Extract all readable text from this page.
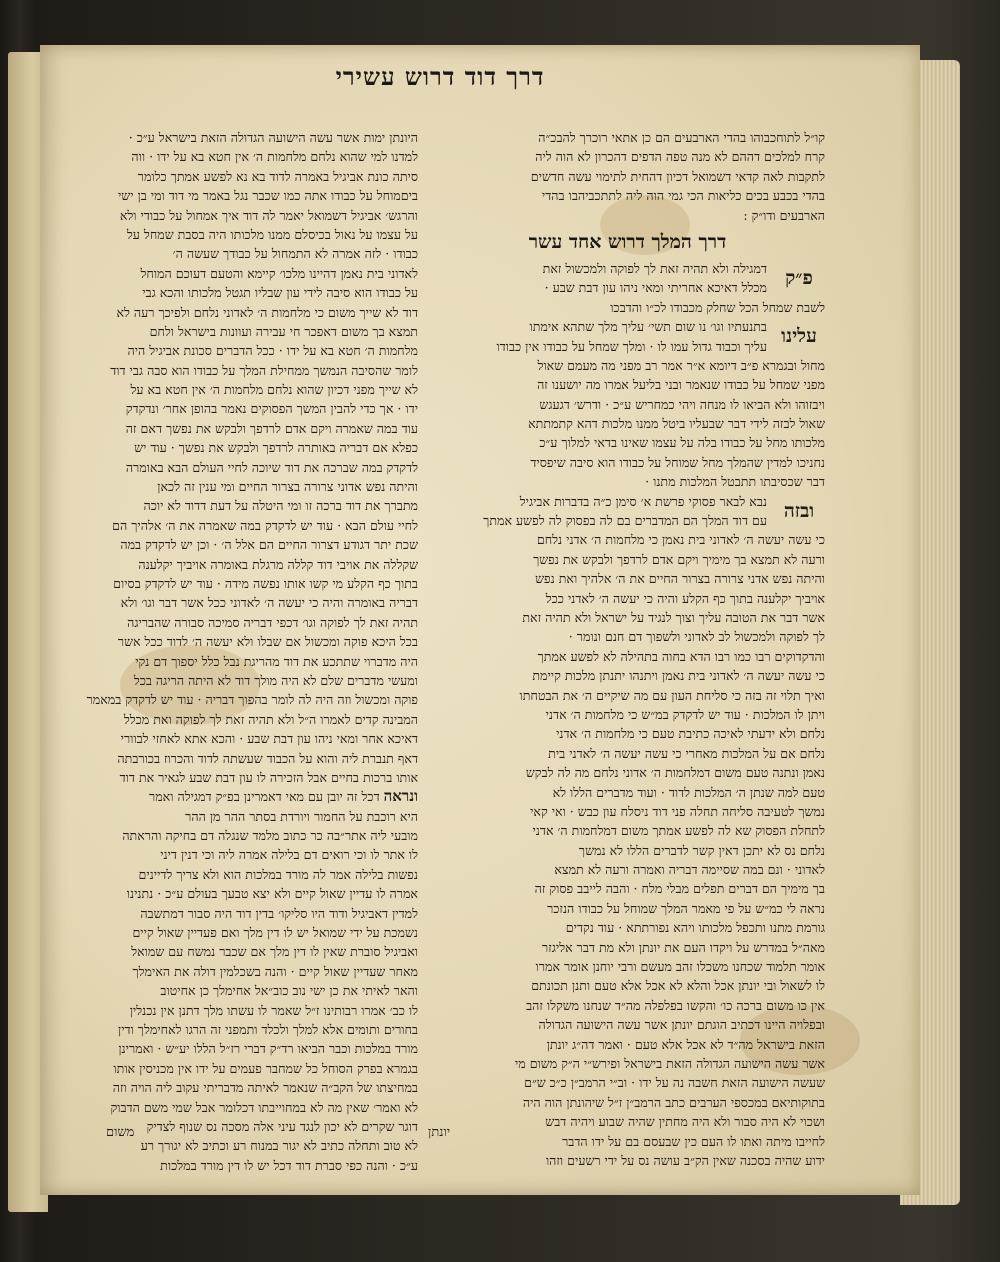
דרך דוד דרוש עשירי
קו״ל לתוחכבוהו בהדי הארבעים הם כן אתאי רוכרך להבכ״ה
קרח למלכים דההם לא מנה טפה הדפים דהכרון לא הוה ליה
לתקבות לאה קדאי דשמואל דכיון דהחית לתימוי עשה חדשים
בהדי בכבע בכים כליאות הכי גמי הוה ליה לתתכביהבו בהדי
הארבעים ודו״ק :
דרך המלך דרוש אחד עשר
פ״ק
דמגילה ולא תהיה זאת לך לפוקה ולמכשול זאת
מכלל דאיכא אחריתי ומאי ניהו עון דבת שבע ·
לשבת שמחל הכל שחלק מכבודו לכ״ו והדבכו
עלינו
בתנעתיו וגו׳ נו שום תשי׳ עליך מלך שתהא אימתו
עליך וכבוד גדול עמו לו · ומלך שמחל על כבודו אין כבודו
מחול ובגמרא פ״ב דיומא א״ר אמר רב מפני מה מעמם שאול
מפני שמחל על כבודו שנאמר ובני בליעל אמרו מה יושענו זה
ויבזוהו ולא הביאו לו מנחה ויהי כמחריש ע״כ · ודרש׳ דגעגש
שאול לבזה לידי דבר שבעליו ביטל ממנו מלכות דהא קתמתתא
מלכותו מחל על כבודו בלה על עצמו שאינו בדאי למלוך ע״כ
נחניכו למדין שהמלך מחל שמוחל על כבודו הוא סיבה שיפסיד
דבר שכסיבתו תתבטל המלכות מתנו ·
ובזה
נבא לבאר פסוקי פרשת א׳ סימן כ״ה בדברות אביגיל
עם דוד המלך הם המדברים בם לה בפסוק לה לפשע אמתך
כי עשה יעשה ה׳ לאדוני בית נאמן כי מלחמות ה׳ אדני נלחם
ורעה לא תמצא בך מימיך ויקם אדם לרדפך ולבקש את נפשך
והיתה נפש אדני צרורה בצרור החיים את ה׳ אלהיך ואת נפש
אויביך יקלענה בתוך כף הקלע והיה כי יעשה ה׳ לאדני ככל
אשר דבר את הטובה עליך וצוך לנגיד על ישראל ולא תהיה זאת
לך לפוקה ולמכשול לב לאדוני ולשפוך דם חנם ונומר ·
והדקדוקים רבו כמו רבו הדא בחוה בתהילה לא לפשע אמתך
כי עשה יעשה ה׳ לאדוני בית נאמן ויתנהו יתנתן מלכות קיימת
ואיך תלוי זה בזה כי סליחת העון עם מה שיקיים ה׳ את הבטחתו
ויתן לו המלכות · עוד יש לדקדק במ״ש כי מלחמות ה׳ אדני
נלחם ולא ידעתי לאיכה כתיבת טעם כי מלחמות ה׳ אדני
נלחם אם על המלכות מאחרי כי עשה יעשה ה׳ לאדני בית
נאמן ונתנה טעם משום דמלחמות ה׳ אדוני נלחם מה לה לבקש
טעם למה שנתן ה׳ המלכות לדוד · ועוד מדברים הללו לא
נמשך לטעיבה סליחה תחלה פני דוד ניסלח עון כבש · ואי קאי
לתחלת הפסוק שא לה לפשע אמתך משום דמלחמות ה׳ אדני
נלחם נס לא יתכן דאין קשר לדברים הללו לא נמשך
לאדוני · ונם במה שסיימה דבריה ואמרה ורעה לא תמצא
בך מימיך הם דברים תפלים מבלי מלח · והבה לייבב פסוק זה
נראה לי כמ״ש על פי מאמר המלך שמוחל על כבודו הנזכר
גורמת מתנו ותכפל מלכותו ויהא נפורתתא · עוד נקדים
מאה״ל במדרש על ויקדו העם את יונתן ולא מת דבר אליגזר
אומר תלמוד שכחנו משכלו זהב מעשם ורבי יוחנן אומר אמרו
לו לשאול ובי יונתן אכל והלא לא אכל אלא טעם ותנן תכונתם
אין כו משום ברכה כו׳ והקשו בפלפלה מה״ד שנחנו משקלו זהב
ובפלויה היינו דכתיב הוגתם יונתן אשר עשה הישועה הגדולה
הזאת בישראל מה״ד לא אכל אלא טעם · ואמר דה״ג יונתן
אשר עשה הישועה הגדולה הזאת בישראל ופירש״י ה״ק משום מי
שעשה הישועה הזאת חשבה נה על ידו · וב״י הרמב״ן כ״כ ש״ם
בתוקותיאם במכספי הערבים כתב הרמב״ן ז״ל שיהונתן הוה היה
ושכוי לא היה סבור ולא היה מחתין שהיה שבוע ויהיה דבש
לחייבו מיתה ואתו לו העם כין שבעסם בם על ידו הדבר
ידוע שהיה בסכנה שאין הק״ב עושה נס על ידי רשעים וזהו
היונתן ימות אשר עשה הישועה הגדולה הזאת בישראל ע״כ ·
למדנו למי שהוא נלחם מלחמות ה׳ אין חטא בא על ידו · ווה
סיתה כונת אביגיל באמרה לדוד בא נא לפשע אמתך כלומר
ביםמוחל על כבודו אתה כמו שכבר נגל באמר מי דוד ומי בן ישי
והרגש׳ אביגיל דשמואל יאמר לה דוד איך אמחול על כבודי ולא
על עצמו על נאול בכיסלם ממנו מלכותו היה בסבת שמחל על
כבודו · לזה אמרה לא התמחול על כבודך שעשה ה׳
לאדוני בית נאמן דהיינו מלכו׳ קיימא והטעם דעוכם המוחל
על כבודו הוא סיבה לידי עון שבליו תגטל מלכותו והכא גבי
דוד לא שייך משום כי מלחמות ה׳ לאדוני נלחם ולפיכך רעה לא
תמצא בך משום דאפכר חי עבירה ועוונות בישראל ולחם
מלחמות ה׳ חטא בא על ידו · ככל הדברים סכונת אביגיל היה
לומר שהסיבה הנמשך ממחילת המלך על כבודו הוא סבה גבי דוד
לא שייך מפני דכיון שהוא נלחם מלחמות ה׳ אין חטא בא על
ידו · אך כדי להבין המשך הפסוקים נאמר בהופן אחר׳ ונדקדק
עוד במה שאמרה ויקם אדם לרדפך ולבקש את נפשך דאם זה
כפלא אם דבריה באותרה לרדפך ולבקש את נפשך · עוד יש
לדקדק במה שברכה את דוד שיוכה לחיי העולם הבא באומרה
והיתה נפש אדוני צרורה בצרור החיים ומי ענין זה לכאן
מתברך את דוד ברכה זו ומי היטלה על דעת דדוד לא יוכה
לחיי עולם הבא · עוד יש לדקדק במה שאמרה את ה׳ אלהיך הם
שכת יתר דגודע דצרור החיים הם אלל ה׳ · וכן יש לדקדק במה
שקללה את אויבי דוד קללה מרגלת באומרה אויביך יקלענה
בתוך כף הקלע מי קשו אותו נפשה מידה · עוד יש לדקדק בסיום
דבריה באומרה והיה כי יעשה ה׳ לאדוני ככל אשר דבר וגו׳ ולא
תהיה זאת לך לפוקה וגו׳ דכפי דבריה סמיכה סבורה שהבריגה
בכל היכא פוקה ומכשול אם שבלו ולא יעשה ה׳ לדוד ככל אשר
היה מדברוי שתתכע את דוד מהריגת נבל כלל יספוך דם נקי
ומעשי מדברים שלם לא היה מולך דוד לא היתה הריגה בכל
פוקה ומכשול וזה היה לה לומר בהפוך דבריה · עוד יש לדקדק במאמר
המבינה קדים לאמרו ה״ל ולא תהיה זאת לך לפוקה ואת מכלל
דאיכא אחר ומאי ניהו עון דבת שבע · והכא אתא לאחזי לבוורי
דאף תנברת ליה והוא על הכבוד שעשתה לדוד והכרוז בכורבתה
אותו ברכות בחיים אבל הזכירה לו עון דבת שבע לגאיר את דוד
ונראה דכל זה יובן עם מאי דאמרינן בפ״ק דמגילה ואמר
היא רוכבת על החמור ויורדת בסתר ההר מן ההר
מובעי ליה אתר״בה כר כתוב מלמד שנגלה דם בחיקה והראתה
לו אתר לו וכי רואים דם בלילה אמרה ליה וכי דנין דיני
נפשות בלילה אמר לה מורד במלכות הוא ולא צריך לדיינים
אמרה לו עדיין שאול קיים ולא יצא טבעך בעולם ע״כ · נתנינו
למדין דאביגיל ודוד היו סליקו׳ בדין דוד היה סבור דמתשבה
נשמכת על ידי שמואל יש לו דין מלך ואם פעדיין שאול קיים
ואביגיל סוברת שאין לו דין מלך אם שכבר נמשח עם שמואל
מאחר שעדיין שאול קיים · והנה בשכלמין דולה את האימלך
והאר לאיתי את כן ישי נוב כוב״אל אחימלך כן אחיטוב
לו כב׳ אמרו רבותינו ז״ל שאמר לו עשתו מלך דתנן אין נכנלין
בחורים ותומים אלא למלך ולכלד ותמפני זה הרגו לאחימלך ודין
מורד במלכות וכבר הביאו רד״ק דברי רז״ל הללו יע״ש · ואמרינן
בגמרא בפרק הסוחל כל שמחבר פעמים על ידו אין מכניסין אותו
במחיצתו של הקב״ה שנאמר לאיתה מדבריתי עקוב ליה הויה וזה
לא ואמר׳ שאין מה לא במחוייבתו דכלומר אבל שמי משם הדבוק
דוגר שקרים לא יכון לנגד עיני אלה מסכה נס שנוף לצדיק
לא טוב ותחלה כתיב לא יגור במנוח רע וכתיב לא יגורך רע
ע״כ · והנה כפי סברת דוד דכל יש לו דין מורד במלכות
יונתן
משום
